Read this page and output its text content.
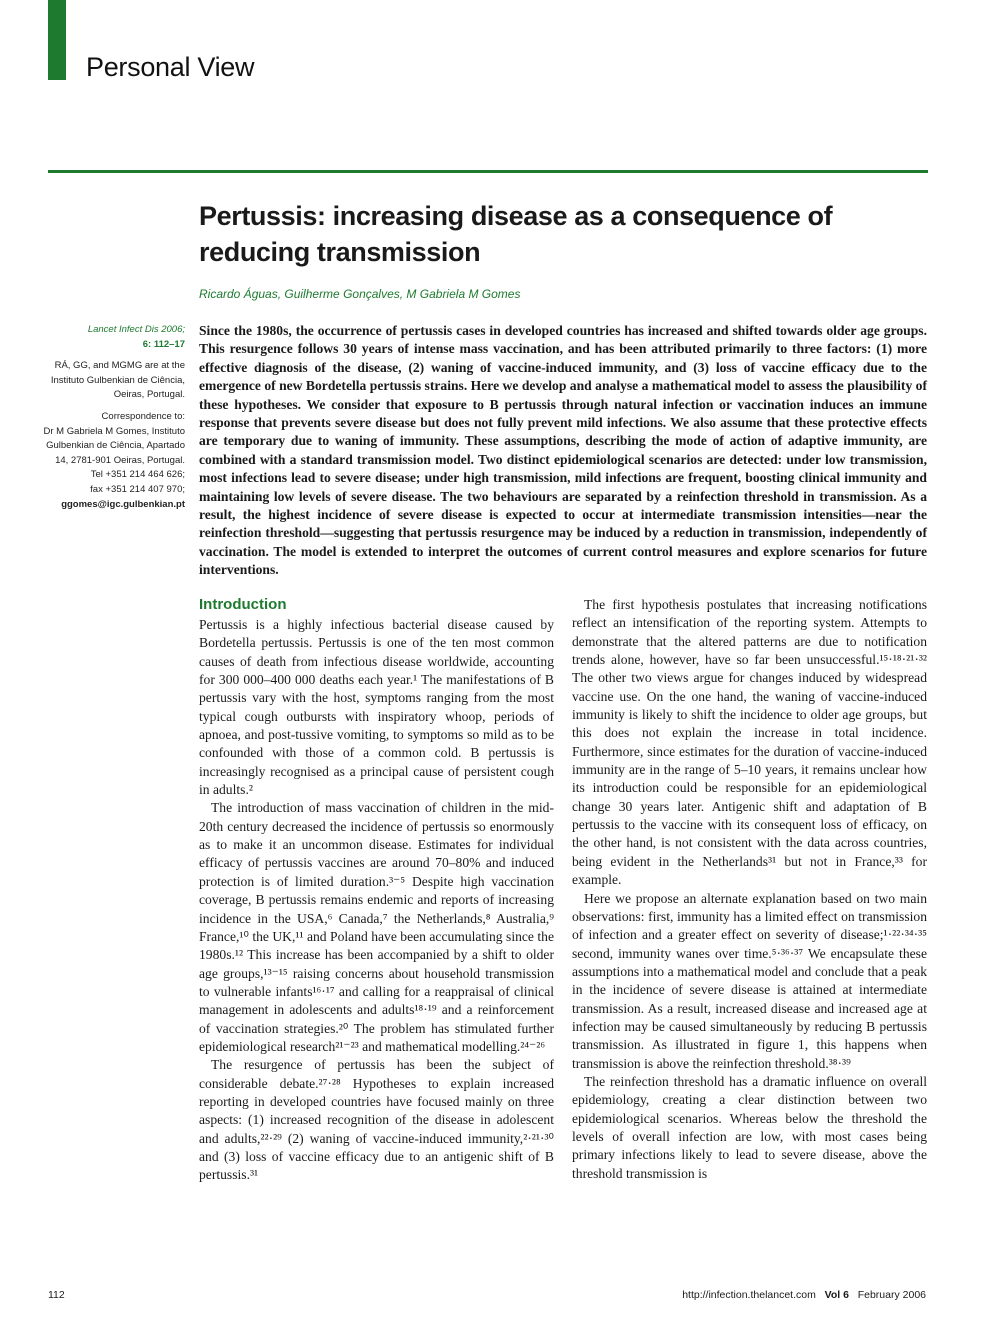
Personal View
Pertussis: increasing disease as a consequence of reducing transmission
Ricardo Águas, Guilherme Gonçalves, M Gabriela M Gomes

Lancet Infect Dis 2006;
6: 112–17

RÁ, GG, and MGMG are at the Instituto Gulbenkian de Ciência, Oeiras, Portugal.

Correspondence to:
Dr M Gabriela M Gomes, Instituto Gulbenkian de Ciência, Apartado 14, 2781-901 Oeiras, Portugal.
Tel +351 214 464 626;
fax +351 214 407 970;
ggomes@igc.gulbenkian.pt

Since the 1980s, the occurrence of pertussis cases in developed countries has increased and shifted towards older age groups. This resurgence follows 30 years of intense mass vaccination, and has been attributed primarily to three factors: (1) more effective diagnosis of the disease, (2) waning of vaccine-induced immunity, and (3) loss of vaccine efficacy due to the emergence of new Bordetella pertussis strains. Here we develop and analyse a mathematical model to assess the plausibility of these hypotheses. We consider that exposure to B pertussis through natural infection or vaccination induces an immune response that prevents severe disease but does not fully prevent mild infections. We also assume that these protective effects are temporary due to waning of immunity. These assumptions, describing the mode of action of adaptive immunity, are combined with a standard transmission model. Two distinct epidemiological scenarios are detected: under low transmission, most infections lead to severe disease; under high transmission, mild infections are frequent, boosting clinical immunity and maintaining low levels of severe disease. The two behaviours are separated by a reinfection threshold in transmission. As a result, the highest incidence of severe disease is expected to occur at intermediate transmission intensities—near the reinfection threshold—suggesting that pertussis resurgence may be induced by a reduction in transmission, independently of vaccination. The model is extended to interpret the outcomes of current control measures and explore scenarios for future interventions.
Introduction

Pertussis is a highly infectious bacterial disease caused by Bordetella pertussis. Pertussis is one of the ten most common causes of death from infectious disease worldwide, accounting for 300 000–400 000 deaths each year.¹ The manifestations of B pertussis vary with the host, symptoms ranging from the most typical cough outbursts with inspiratory whoop, periods of apnoea, and post-tussive vomiting, to symptoms so mild as to be confounded with those of a common cold. B pertussis is increasingly recognised as a principal cause of persistent cough in adults.²

The introduction of mass vaccination of children in the mid-20th century decreased the incidence of pertussis so enormously as to make it an uncommon disease. Estimates for individual efficacy of pertussis vaccines are around 70–80% and induced protection is of limited duration.³⁻⁵ Despite high vaccination coverage, B pertussis remains endemic and reports of increasing incidence in the USA,⁶ Canada,⁷ the Netherlands,⁸ Australia,⁹ France,¹⁰ the UK,¹¹ and Poland have been accumulating since the 1980s.¹² This increase has been accompanied by a shift to older age groups,¹³⁻¹⁵ raising concerns about household transmission to vulnerable infants¹⁶·¹⁷ and calling for a reappraisal of clinical management in adolescents and adults¹⁸·¹⁹ and a reinforcement of vaccination strategies.²⁰ The problem has stimulated further epidemiological research²¹⁻²³ and mathematical modelling.²⁴⁻²⁶

The resurgence of pertussis has been the subject of considerable debate.²⁷·²⁸ Hypotheses to explain increased reporting in developed countries have focused mainly on three aspects: (1) increased recognition of the disease in adolescent and adults,²²·²⁹ (2) waning of vaccine-induced immunity,²·²¹·³⁰ and (3) loss of vaccine efficacy due to an antigenic shift of B pertussis.³¹

The first hypothesis postulates that increasing notifications reflect an intensification of the reporting system. Attempts to demonstrate that the altered patterns are due to notification trends alone, however, have so far been unsuccessful.¹⁵·¹⁸·²¹·³² The other two views argue for changes induced by widespread vaccine use. On the one hand, the waning of vaccine-induced immunity is likely to shift the incidence to older age groups, but this does not explain the increase in total incidence. Furthermore, since estimates for the duration of vaccine-induced immunity are in the range of 5–10 years, it remains unclear how its introduction could be responsible for an epidemiological change 30 years later. Antigenic shift and adaptation of B pertussis to the vaccine with its consequent loss of efficacy, on the other hand, is not consistent with the data across countries, being evident in the Netherlands³¹ but not in France,³³ for example.

Here we propose an alternate explanation based on two main observations: first, immunity has a limited effect on transmission of infection and a greater effect on severity of disease;¹·²²·³⁴·³⁵ second, immunity wanes over time.⁵·³⁶·³⁷ We encapsulate these assumptions into a mathematical model and conclude that a peak in the incidence of severe disease is attained at intermediate transmission. As a result, increased disease and increased age at infection may be caused simultaneously by reducing B pertussis transmission. As illustrated in figure 1, this happens when transmission is above the reinfection threshold.³⁸·³⁹

The reinfection threshold has a dramatic influence on overall epidemiology, creating a clear distinction between two epidemiological scenarios. Whereas below the threshold the levels of overall infection are low, with most cases being primary infections likely to lead to severe disease, above the threshold transmission is

112	http://infection.thelancet.com Vol 6 February 2006
